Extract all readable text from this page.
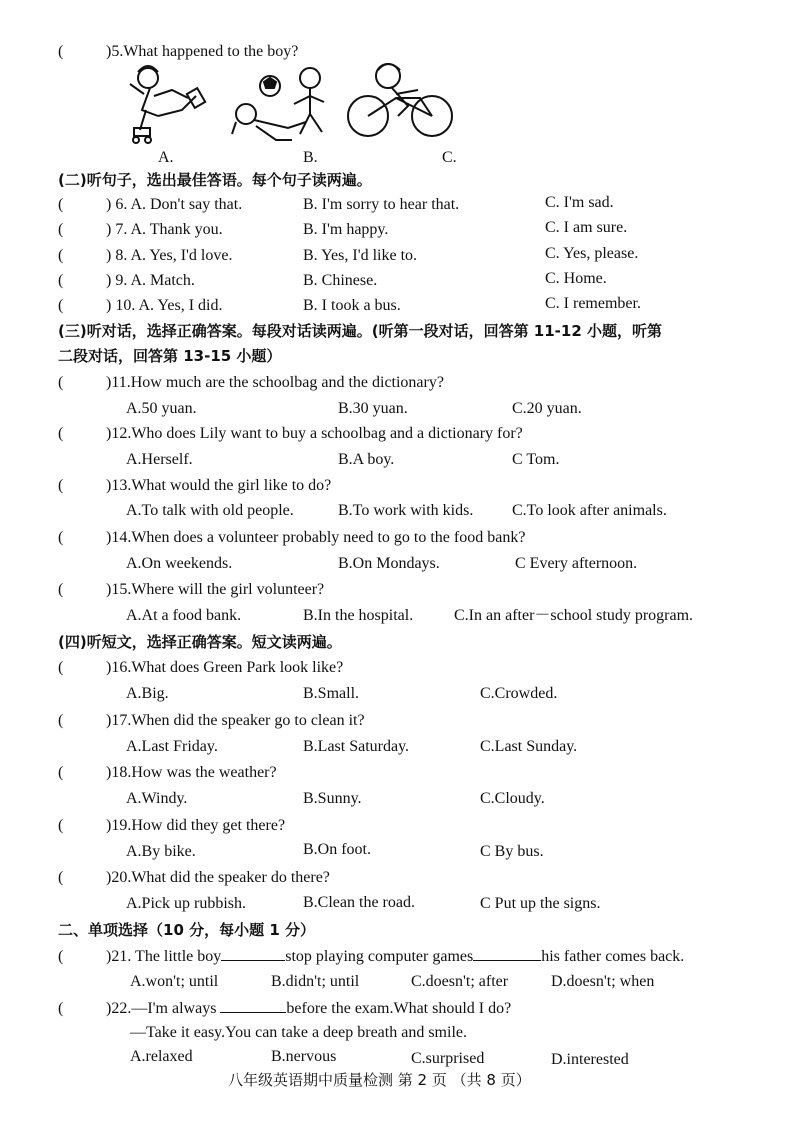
(	)5.What happened to the boy?
A.	B.	C.
(二)听句子，选出最佳答语。每个句子读两遍。
(	) 6. A. Don't say that.	B. I'm sorry to hear that.	C. I'm sad.
(	) 7. A. Thank you.	B. I'm happy.	C. I am sure.
(	) 8. A. Yes, I'd love.	B. Yes, I'd like to.	C. Yes, please.
(	) 9. A. Match.	B. Chinese.	C. Home.
(	) 10. A. Yes, I did.	B. I took a bus.	C. I remember.
(三)听对话，选择正确答案。每段对话读两遍。(听第一段对话，回答第 11-12 小题，听第
二段对话，回答第 13-15 小题）
(	)11.How much are the schoolbag and the dictionary?
A.50 yuan.	B.30 yuan.	C.20 yuan.
(	)12.Who does Lily want to buy a schoolbag and a dictionary for?
A.Herself.	B.A boy.	C Tom.
(	)13.What would the girl like to do?
A.To talk with old people.	B.To work with kids. C.To look after animals.
(	)14.When does a volunteer probably need to go to the food bank?
A.On weekends.	B.On Mondays.	C Every afternoon.
(	)15.Where will the girl volunteer?
A.At a food bank.	B.In the hospital.	C.In an after－school study program.
(四)听短文，选择正确答案。短文读两遍。
(	)16.What does Green Park look like?
A.Big.	B.Small.	C.Crowded.
(	)17.When did the speaker go to clean it?
A.Last Friday.	B.Last Saturday.	C.Last Sunday.
(	)18.How was the weather?
A.Windy.	B.Sunny.	C.Cloudy.
(	)19.How did they get there?
A.By bike.	B.On foot.	C By bus.
(	)20.What did the speaker do there?
A.Pick up rubbish.	B.Clean the road.	C Put up the signs.
二、单项选择（10 分，每小题 1 分）
(	)21. The little boy	stop playing computer games	his father comes back.
A.won't; until	B.didn't; until	C.doesn't; after	D.doesn't; when
(	)22.—I'm always	before the exam.What should I do?
—Take it easy.You can take a deep breath and smile.
A.relaxed	B.nervous	C.surprised	D.interested
八年级英语期中质量检测 第 2 页 （共 8 页）
